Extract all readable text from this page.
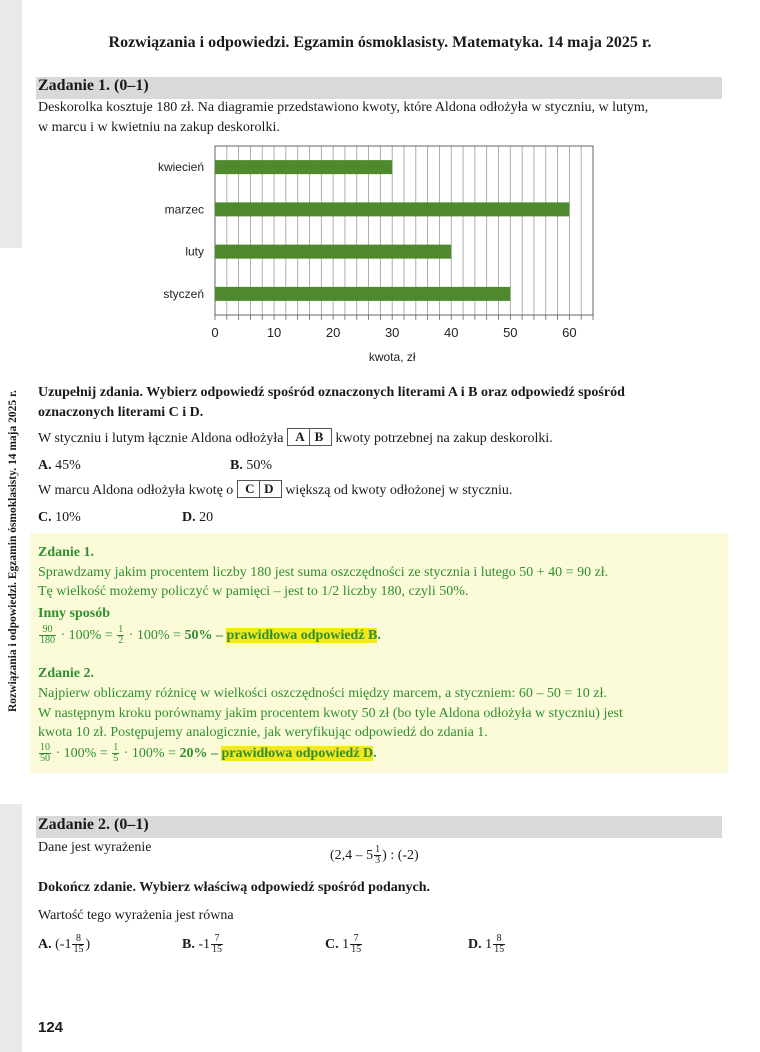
Rozwiązania i odpowiedzi. Egzamin ósmoklasisty. 14 maja 2025 r.
Rozwiązania i odpowiedzi. Egzamin ósmoklasisty. Matematyka. 14 maja 2025 r.
Zadanie 1. (0–1)
Deskorolka kosztuje 180 zł. Na diagramie przedstawiono kwoty, które Aldona odłożyła w styczniu, w lutym,
w marcu i w kwietniu na zakup deskorolki.
kwiecień
marzec
luty
styczeń
0	10	20	30	40	50	60
kwota, zł
Uzupełnij zdania. Wybierz odpowiedź spośród oznaczonych literami A i B oraz odpowiedź spośród
oznaczonych literami C i D.
W styczniu i lutym łącznie Aldona odłożyła A B kwoty potrzebnej na zakup deskorolki.
A. 45%	B. 50%
W marcu Aldona odłożyła kwotę o C D większą od kwoty odłożonej w styczniu.
C. 10%	D. 20
Zdanie 1.
Sprawdzamy jakim procentem liczby 180 jest suma oszczędności ze stycznia i lutego 50 + 40 = 90 zł.
Tę wielkość możemy policzyć w pamięci – jest to 1/2 liczby 180, czyli 50%.
Inny sposób
$\frac{90}{180} \cdot 100\% = \frac{1}{2} \cdot 100\% = 50\%$ – prawidłowa odpowiedź B.
Zdanie 2.
Najpierw obliczamy różnicę w wielkości oszczędności między marcem, a styczniem: 60 – 50 = 10 zł.
W następnym kroku porównamy jakim procentem kwoty 50 zł (bo tyle Aldona odłożyła w styczniu) jest
kwota 10 zł. Postępujemy analogicznie, jak weryfikując odpowiedź do zdania 1.
$\frac{10}{50} \cdot 100\% = \frac{1}{5} \cdot 100\% = 20\%$ – prawidłowa odpowiedź D.
Zadanie 2. (0–1)
Dane jest wyrażenie
($2,4 - 5 \frac{1}{3}$ ) : (-2)
Dokończ zdanie. Wybierz właściwą odpowiedź spośród podanych.
Wartość tego wyrażenia jest równa
A. ($-1 \frac{8}{15}$ )	B. $-1 \frac{7}{15}$	C. $1 \frac{7}{15}$	D. $1 \frac{8}{15}$
124
